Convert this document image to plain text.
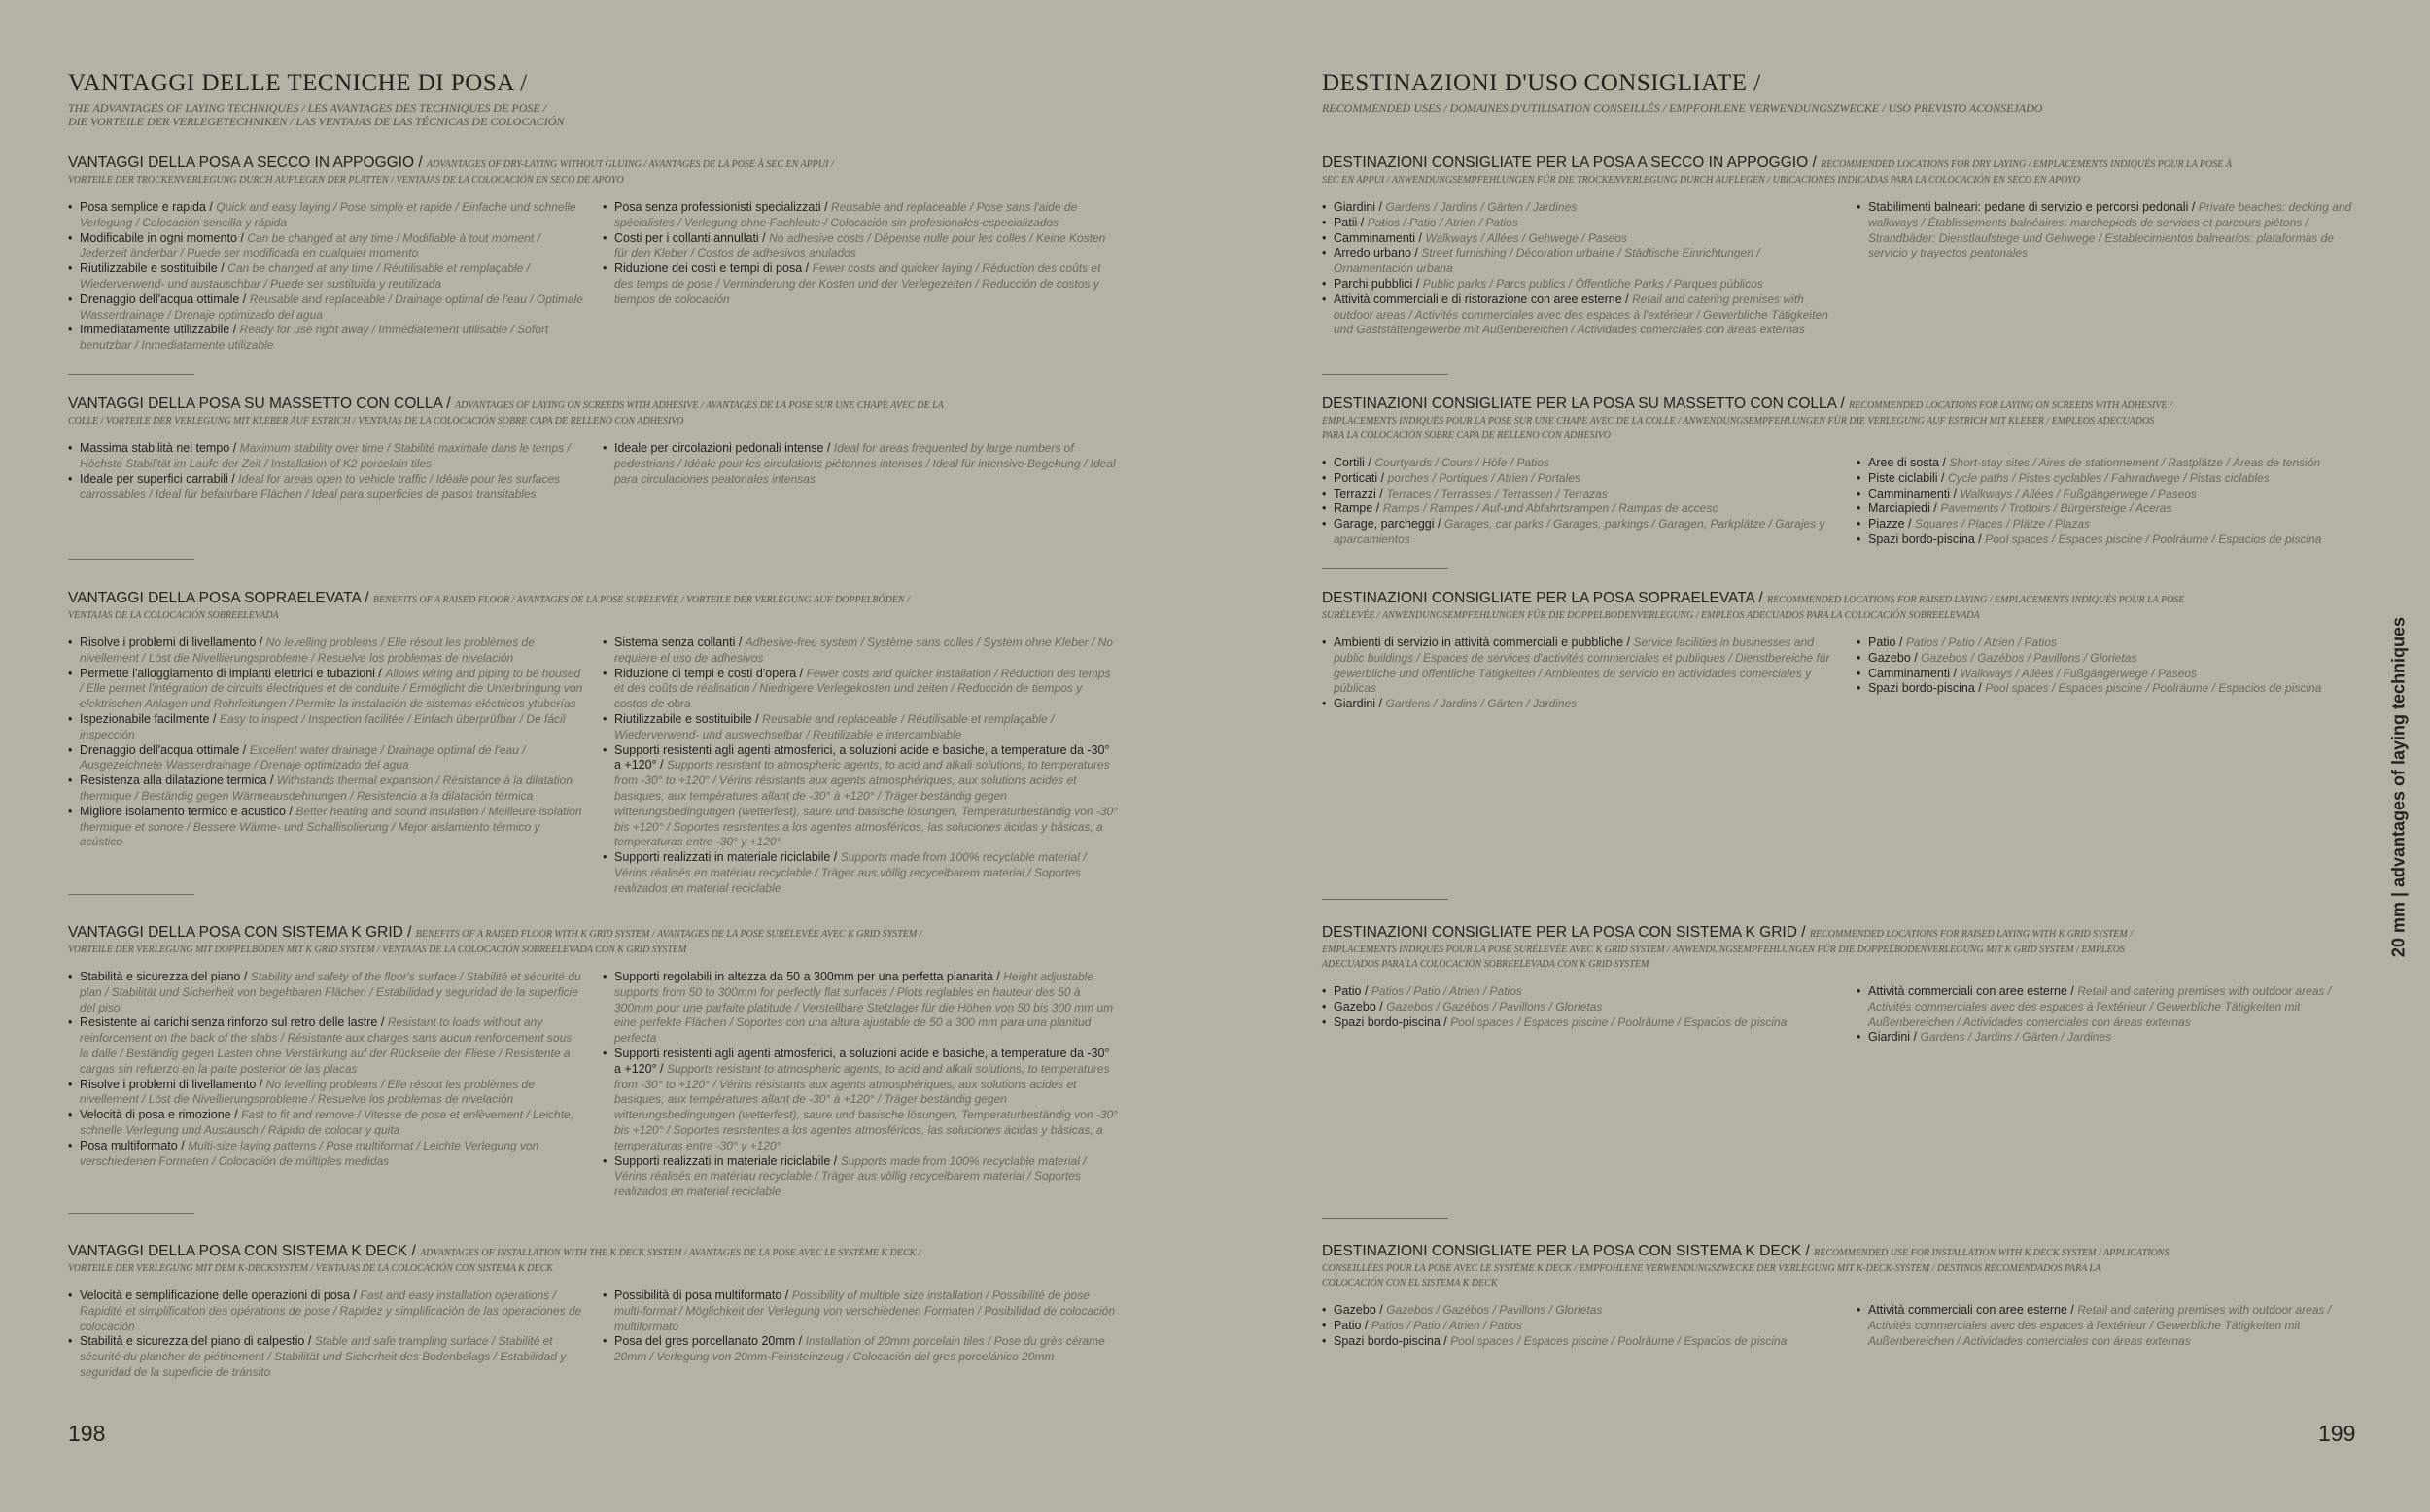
VANTAGGI DELLE TECNICHE DI POSA /
THE ADVANTAGES OF LAYING TECHNIQUES / LES AVANTAGES DES TECHNIQUES DE POSE /
DIE VORTEILE DER VERLEGETECHNIKEN / LAS VENTAJAS DE LAS TÉCNICAS DE COLOCACIÓN
VANTAGGI DELLA POSA A SECCO IN APPOGGIO / ADVANTAGES OF DRY-LAYING WITHOUT GLUING / AVANTAGES DE LA POSE À SEC EN APPUI /
VORTEILE DER TROCKENVERLEGUNG DURCH AUFLEGEN DER PLATTEN / VENTAJAS DE LA COLOCACIÓN EN SECO DE APOYO
• Posa semplice e rapida / Quick and easy laying / Pose simple et rapide / Einfache und schnelle Verlegung / Colocación sencilla y rápida
• Modificabile in ogni momento / Can be changed at any time / Modifiable à tout moment / Jederzeit änderbar / Puede ser modificada en cualquier momento
• Riutilizzabile e sostituibile / Can be changed at any time / Réutilisable et remplaçable / Wiederverwend- und austauschbar / Puede ser sustituida y reutilizada
• Drenaggio dell'acqua ottimale / Reusable and replaceable / Drainage optimal de l'eau / Optimale Wasserdrainage / Drenaje optimizado del agua
• Immediatamente utilizzabile / Ready for use right away / Immédiatement utilisable / Sofort benutzbar / Inmediatamente utilizable
• Posa senza professionisti specializzati / Reusable and replaceable / Pose sans l'aide de spécialistes / Verlegung ohne Fachleute / Colocación sin profesionales especializados
• Costi per i collanti annullati / No adhesive costs / Dépense nulle pour les colles / Keine Kosten für den Kleber / Costos de adhesivos anulados
• Riduzione dei costi e tempi di posa / Fewer costs and quicker laying / Réduction des coûts et des temps de pose / Verminderung der Kosten und der Verlegezeiten / Reducción de costos y tiempos de colocación
VANTAGGI DELLA POSA SU MASSETTO CON COLLA / ADVANTAGES OF LAYING ON SCREEDS WITH ADHESIVE / AVANTAGES DE LA POSE SUR UNE CHAPE AVEC DE LA
COLLE / VORTEILE DER VERLEGUNG MIT KLEBER AUF ESTRICH / VENTAJAS DE LA COLOCACIÓN SOBRE CAPA DE RELLENO CON ADHESIVO
• Massima stabilità nel tempo / Maximum stability over time / Stabilité maximale dans le temps / Höchste Stabilität im Laufe der Zeit / Installation of K2 porcelain tiles
• Ideale per superfici carrabili / Ideal for areas open to vehicle traffic / Idéale pour les surfaces carrossables / Ideal für befahrbare Flächen / Ideal para superficies de pasos transitables
• Ideale per circolazioni pedonali intense / Ideal for areas frequented by large numbers of pedestrians / Idéale pour les circulations piétonnes intenses / Ideal für intensive Begehung / Ideal para circulaciones peatonales intensas
VANTAGGI DELLA POSA SOPRAELEVATA / BENEFITS OF A RAISED FLOOR / AVANTAGES DE LA POSE SURÉLEVÉE / VORTEILE DER VERLEGUNG AUF DOPPELBÖDEN /
VENTAJAS DE LA COLOCACIÓN SOBREELEVADA
• Risolve i problemi di livellamento / No levelling problems / Elle résout les problèmes de nivellement / Löst die Nivellierungsprobleme / Resuelve los problemas de nivelación
• Permette l'alloggiamento di impianti elettrici e tubazioni / Allows wiring and piping to be housed / Elle permet l'intégration de circuits électriques et de conduite / Ermöglicht die Unterbringung von elektrischen Anlagen und Rohrleitungen / Permite la instalación de sistemas eléctricos ytuberías
• Ispezionabile facilmente / Easy to inspect / Inspection facilitée / Einfach überprüfbar / De fácil inspección
• Drenaggio dell'acqua ottimale / Excellent water drainage / Drainage optimal de l'eau / Ausgezeichnete Wasserdrainage / Drenaje optimizado del agua
• Resistenza alla dilatazione termica / Withstands thermal expansion / Résistance à la dilatation thermique / Beständig gegen Wärmeausdehnungen / Resistencia a la dilatación térmica
• Migliore isolamento termico e acustico / Better heating and sound insulation / Meilleure isolation thermique et sonore / Bessere Wärme- und Schallisolierung / Mejor aislamiento térmico y acústico
• Sistema senza collanti / Adhesive-free system / Système sans colles / System ohne Kleber / No requiere el uso de adhesivos
• Riduzione di tempi e costi d'opera / Fewer costs and quicker installation / Réduction des temps et des coûts de réalisation / Niedrigere Verlegekosten und zeiten / Reducción de tiempos y costos de obra
• Riutilizzabile e sostituibile / Reusable and replaceable / Réutilisable et remplaçable / Wiederverwend- und auswechselbar / Reutilizable e intercambiable
• Supporti resistenti agli agenti atmosferici, a soluzioni acide e basiche, a temperature da -30° a +120° / Supports resistant to atmospheric agents, to acid and alkali solutions, to temperatures from -30° to +120° / Vérins résistants aux agents atmosphériques, aux solutions acides et basiques, aux températures allant de -30° à +120° / Träger beständig gegen witterungsbedingungen (wetterfest), saure und basische lösungen, Temperaturbeständig von -30° bis +120° / Soportes resistentes a los agentes atmosféricos, las soluciones ácidas y básicas, a temperaturas entre -30° y +120°
• Supporti realizzati in materiale riciclabile / Supports made from 100% recyclable material / Vérins réalisés en matériau recyclable / Träger aus völlig recycelbarem material / Soportes realizados en material reciclable
VANTAGGI DELLA POSA CON SISTEMA K GRID / BENEFITS OF A RAISED FLOOR WITH K GRID SYSTEM / AVANTAGES DE LA POSE SURÉLEVÉE AVEC K GRID SYSTEM /
VORTEILE DER VERLEGUNG MIT DOPPELBÖDEN MIT K GRID SYSTEM / VENTAJAS DE LA COLOCACIÓN SOBREELEVADA CON K GRID SYSTEM
• Stabilità e sicurezza del piano / Stability and safety of the floor's surface / Stabilité et sécurité du plan / Stabilität und Sicherheit von begehbaren Flächen / Estabilidad y seguridad de la superficie del piso
• Resistente ai carichi senza rinforzo sul retro delle lastre / Resistant to loads without any reinforcement on the back of the slabs / Résistante aux charges sans aucun renforcement sous la dalle / Beständig gegen Lasten ohne Verstärkung auf der Rückseite der Fliese / Resistente a cargas sin refuerzo en la parte posterior de las placas
• Risolve i problemi di livellamento / No levelling problems / Elle résout les problèmes de nivellement / Löst die Nivellierungsprobleme / Resuelve los problemas de nivelación
• Velocità di posa e rimozione / Fast to fit and remove / Vitesse de pose et enlèvement / Leichte, schnelle Verlegung und Austausch / Rápido de colocar y quita
• Posa multiformato / Multi-size laying patterns / Pose multiformat / Leichte Verlegung von verschiedenen Formaten / Colocación de múltiples medidas
• Supporti regolabili in altezza da 50 a 300mm per una perfetta planarità / Height adjustable supports from 50 to 300mm for perfectly flat surfaces / Plots reglables en hauteur des 50 à 300mm pour une parfaite platitude / Verstellbare Stelzlager für die Höhen von 50 bis 300 mm um eine perfekte Flächen / Soportes con una altura ajustable de 50 a 300 mm para una planitud perfecta
• Supporti resistenti agli agenti atmosferici, a soluzioni acide e basiche, a temperature da -30° a +120° / Supports resistant to atmospheric agents, to acid and alkali solutions, to temperatures from -30° to +120° / Vérins résistants aux agents atmosphériques, aux solutions acides et basiques, aux températures allant de -30° à +120° / Träger beständig gegen witterungsbedingungen (wetterfest), saure und basische lösungen, Temperaturbeständig von -30° bis +120° / Soportes resistentes a los agentes atmosféricos, las soluciones ácidas y básicas, a temperaturas entre -30° y +120°
• Supporti realizzati in materiale riciclabile / Supports made from 100% recyclable material / Vérins réalisés en matériau recyclable / Träger aus völlig recycelbarem material / Soportes realizados en material reciclable
VANTAGGI DELLA POSA CON SISTEMA K DECK / ADVANTAGES OF INSTALLATION WITH THE K DECK SYSTEM / AVANTAGES DE LA POSE AVEC LE SYSTÈME K DECK /
VORTEILE DER VERLEGUNG MIT DEM K-DECKSYSTEM / VENTAJAS DE LA COLOCACIÓN CON SISTEMA K DECK
• Velocità e semplificazione delle operazioni di posa / Fast and easy installation operations / Rapidité et simplification des opérations de pose / Rapidez y simplificación de las operaciones de colocación
• Stabilità e sicurezza del piano di calpestio / Stable and safe trampling surface / Stabilité et sécurité du plancher de piétinement / Stabilität und Sicherheit des Bodenbelags / Estabilidad y seguridad de la superficie de tránsito
• Possibilità di posa multiformato / Possibility of multiple size installation / Possibilité de pose multi-format / Möglichkeit der Verlegung von verschiedenen Formaten / Posibilidad de colocación multiformato
• Posa del gres porcellanato 20mm / Installation of 20mm porcelain tiles / Pose du grès cérame 20mm / Verlegung von 20mm-Feinsteinzeug / Colocación del gres porcelánico 20mm
DESTINAZIONI D'USO CONSIGLIATE /
RECOMMENDED USES / DOMAINES D'UTILISATION CONSEILLÉS / EMPFOHLENE VERWENDUNGSZWECKE / USO PREVISTO ACONSEJADO
DESTINAZIONI CONSIGLIATE PER LA POSA A SECCO IN APPOGGIO / RECOMMENDED LOCATIONS FOR DRY LAYING / EMPLACEMENTS INDIQUÉS POUR LA POSE À
SEC EN APPUI / ANWENDUNGSEMPFEHLUNGEN FÜR DIE TROCKENVERLEGUNG DURCH AUFLEGEN / UBICACIONES INDICADAS PARA LA COLOCACIÓN EN SECO EN APOYO
• Giardini / Gardens / Jardins / Gärten / Jardines
• Patii / Patios / Patio / Atrien / Patios
• Camminamenti / Walkways / Allées / Gehwege / Paseos
• Arredo urbano / Street furnishing / Décoration urbaine / Städtische Einrichtungen / Ornamentación urbana
• Parchi pubblici / Public parks / Parcs publics / Öffentliche Parks / Parques públicos
• Attività commerciali e di ristorazione con aree esterne / Retail and catering premises with outdoor areas / Activités commerciales avec des espaces à l'extérieur / Gewerbliche Tätigkeiten und Gaststättengewerbe mit Außenbereichen / Actividades comerciales con áreas externas
• Stabilimenti balneari: pedane di servizio e percorsi pedonali / Private beaches: decking and walkways / Établissements balnéaires: marchepieds de services et parcours piétons / Strandbäder: Dienstlaufstege und Gehwege / Establecimientos balnearios: plataformas de servicio y trayectos peatonales
DESTINAZIONI CONSIGLIATE PER LA POSA SU MASSETTO CON COLLA / RECOMMENDED LOCATIONS FOR LAYING ON SCREEDS WITH ADHESIVE /
EMPLACEMENTS INDIQUÉS POUR LA POSE SUR UNE CHAPE AVEC DE LA COLLE / ANWENDUNGSEMPFEHLUNGEN FÜR DIE VERLEGUNG AUF ESTRICH MIT KLEBER / EMPLEOS ADECUADOS
PARA LA COLOCACIÓN SOBRE CAPA DE RELLENO CON ADHESIVO
• Cortili / Courtyards / Cours / Höfe / Patios
• Porticati / porches / Portiques / Atrien / Portales
• Terrazzi / Terraces / Terrasses / Terrassen / Terrazas
• Rampe / Ramps / Rampes / Auf-und Abfahrtsrampen / Rampas de acceso
• Garage, parcheggi / Garages, car parks / Garages, parkings / Garagen, Parkplätze / Garajes y aparcamientos
• Aree di sosta / Short-stay sites / Aires de stationnement / Rastplätze / Áreas de tensión
• Piste ciclabili / Cycle paths / Pistes cyclables / Fahrradwege / Pistas ciclables
• Camminamenti / Walkways / Allées / Fußgängerwege / Paseos
• Marciapiedi / Pavements / Trottoirs / Bürgersteige / Aceras
• Piazze / Squares / Places / Plätze / Plazas
• Spazi bordo-piscina / Pool spaces / Espaces piscine / Poolräume / Espacios de piscina
DESTINAZIONI CONSIGLIATE PER LA POSA SOPRAELEVATA / RECOMMENDED LOCATIONS FOR RAISED LAYING / EMPLACEMENTS INDIQUÉS POUR LA POSE
SURÉLEVÉE / ANWENDUNGSEMPFEHLUNGEN FÜR DIE DOPPELBODENVERLEGUNG / EMPLEOS ADECUADOS PARA LA COLOCACIÓN SOBREELEVADA
• Ambienti di servizio in attività commerciali e pubbliche / Service facilities in businesses and public buildings / Espaces de services d'activités commerciales et publiques / Dienstbereiche für gewerbliche und öffentliche Tätigkeiten / Ambientes de servicio en actividades comerciales y públicas
• Giardini / Gardens / Jardins / Gärten / Jardines
• Patio / Patios / Patio / Atrien / Patios
• Gazebo / Gazebos / Gazébos / Pavillons / Glorietas
• Camminamenti / Walkways / Allées / Fußgängerwege / Paseos
• Spazi bordo-piscina / Pool spaces / Espaces piscine / Poolräume / Espacios de piscina
DESTINAZIONI CONSIGLIATE PER LA POSA CON SISTEMA K GRID / RECOMMENDED LOCATIONS FOR RAISED LAYING WITH K GRID SYSTEM /
EMPLACEMENTS INDIQUÉS POUR LA POSE SURÉLEVÉE AVEC K GRID SYSTEM / ANWENDUNGSEMPFEHLUNGEN FÜR DIE DOPPELBODENVERLEGUNG MIT K GRID SYSTEM / EMPLEOS
ADECUADOS PARA LA COLOCACIÓN SOBREELEVADA CON K GRID SYSTEM
• Patio / Patios / Patio / Atrien / Patios
• Gazebo / Gazebos / Gazébos / Pavillons / Glorietas
• Spazi bordo-piscina / Pool spaces / Espaces piscine / Poolräume / Espacios de piscina
• Attività commerciali con aree esterne / Retail and catering premises with outdoor areas / Activités commerciales avec des espaces à l'extérieur / Gewerbliche Tätigkeiten mit Außenbereichen / Actividades comerciales con áreas externas
• Giardini / Gardens / Jardins / Gärten / Jardines
DESTINAZIONI CONSIGLIATE PER LA POSA CON SISTEMA K DECK / RECOMMENDED USE FOR INSTALLATION WITH K DECK SYSTEM / APPLICATIONS
CONSEILLÉES POUR LA POSE AVEC LE SYSTÈME K DECK / EMPFOHLENE VERWENDUNGSZWECKE DER VERLEGUNG MIT K-DECK-SYSTEM / DESTINOS RECOMENDADOS PARA LA
COLOCACIÓN CON EL SISTEMA K DECK
• Gazebo / Gazebos / Gazébos / Pavillons / Glorietas
• Patio / Patios / Patio / Atrien / Patios
• Spazi bordo-piscina / Pool spaces / Espaces piscine / Poolräume / Espacios de piscina
• Attività commerciali con aree esterne / Retail and catering premises with outdoor areas / Activités commerciales avec des espaces à l'extérieur / Gewerbliche Tätigkeiten mit Außenbereichen / Actividades comerciales con áreas externas
198	199
20 mm | advantages of laying techniques
